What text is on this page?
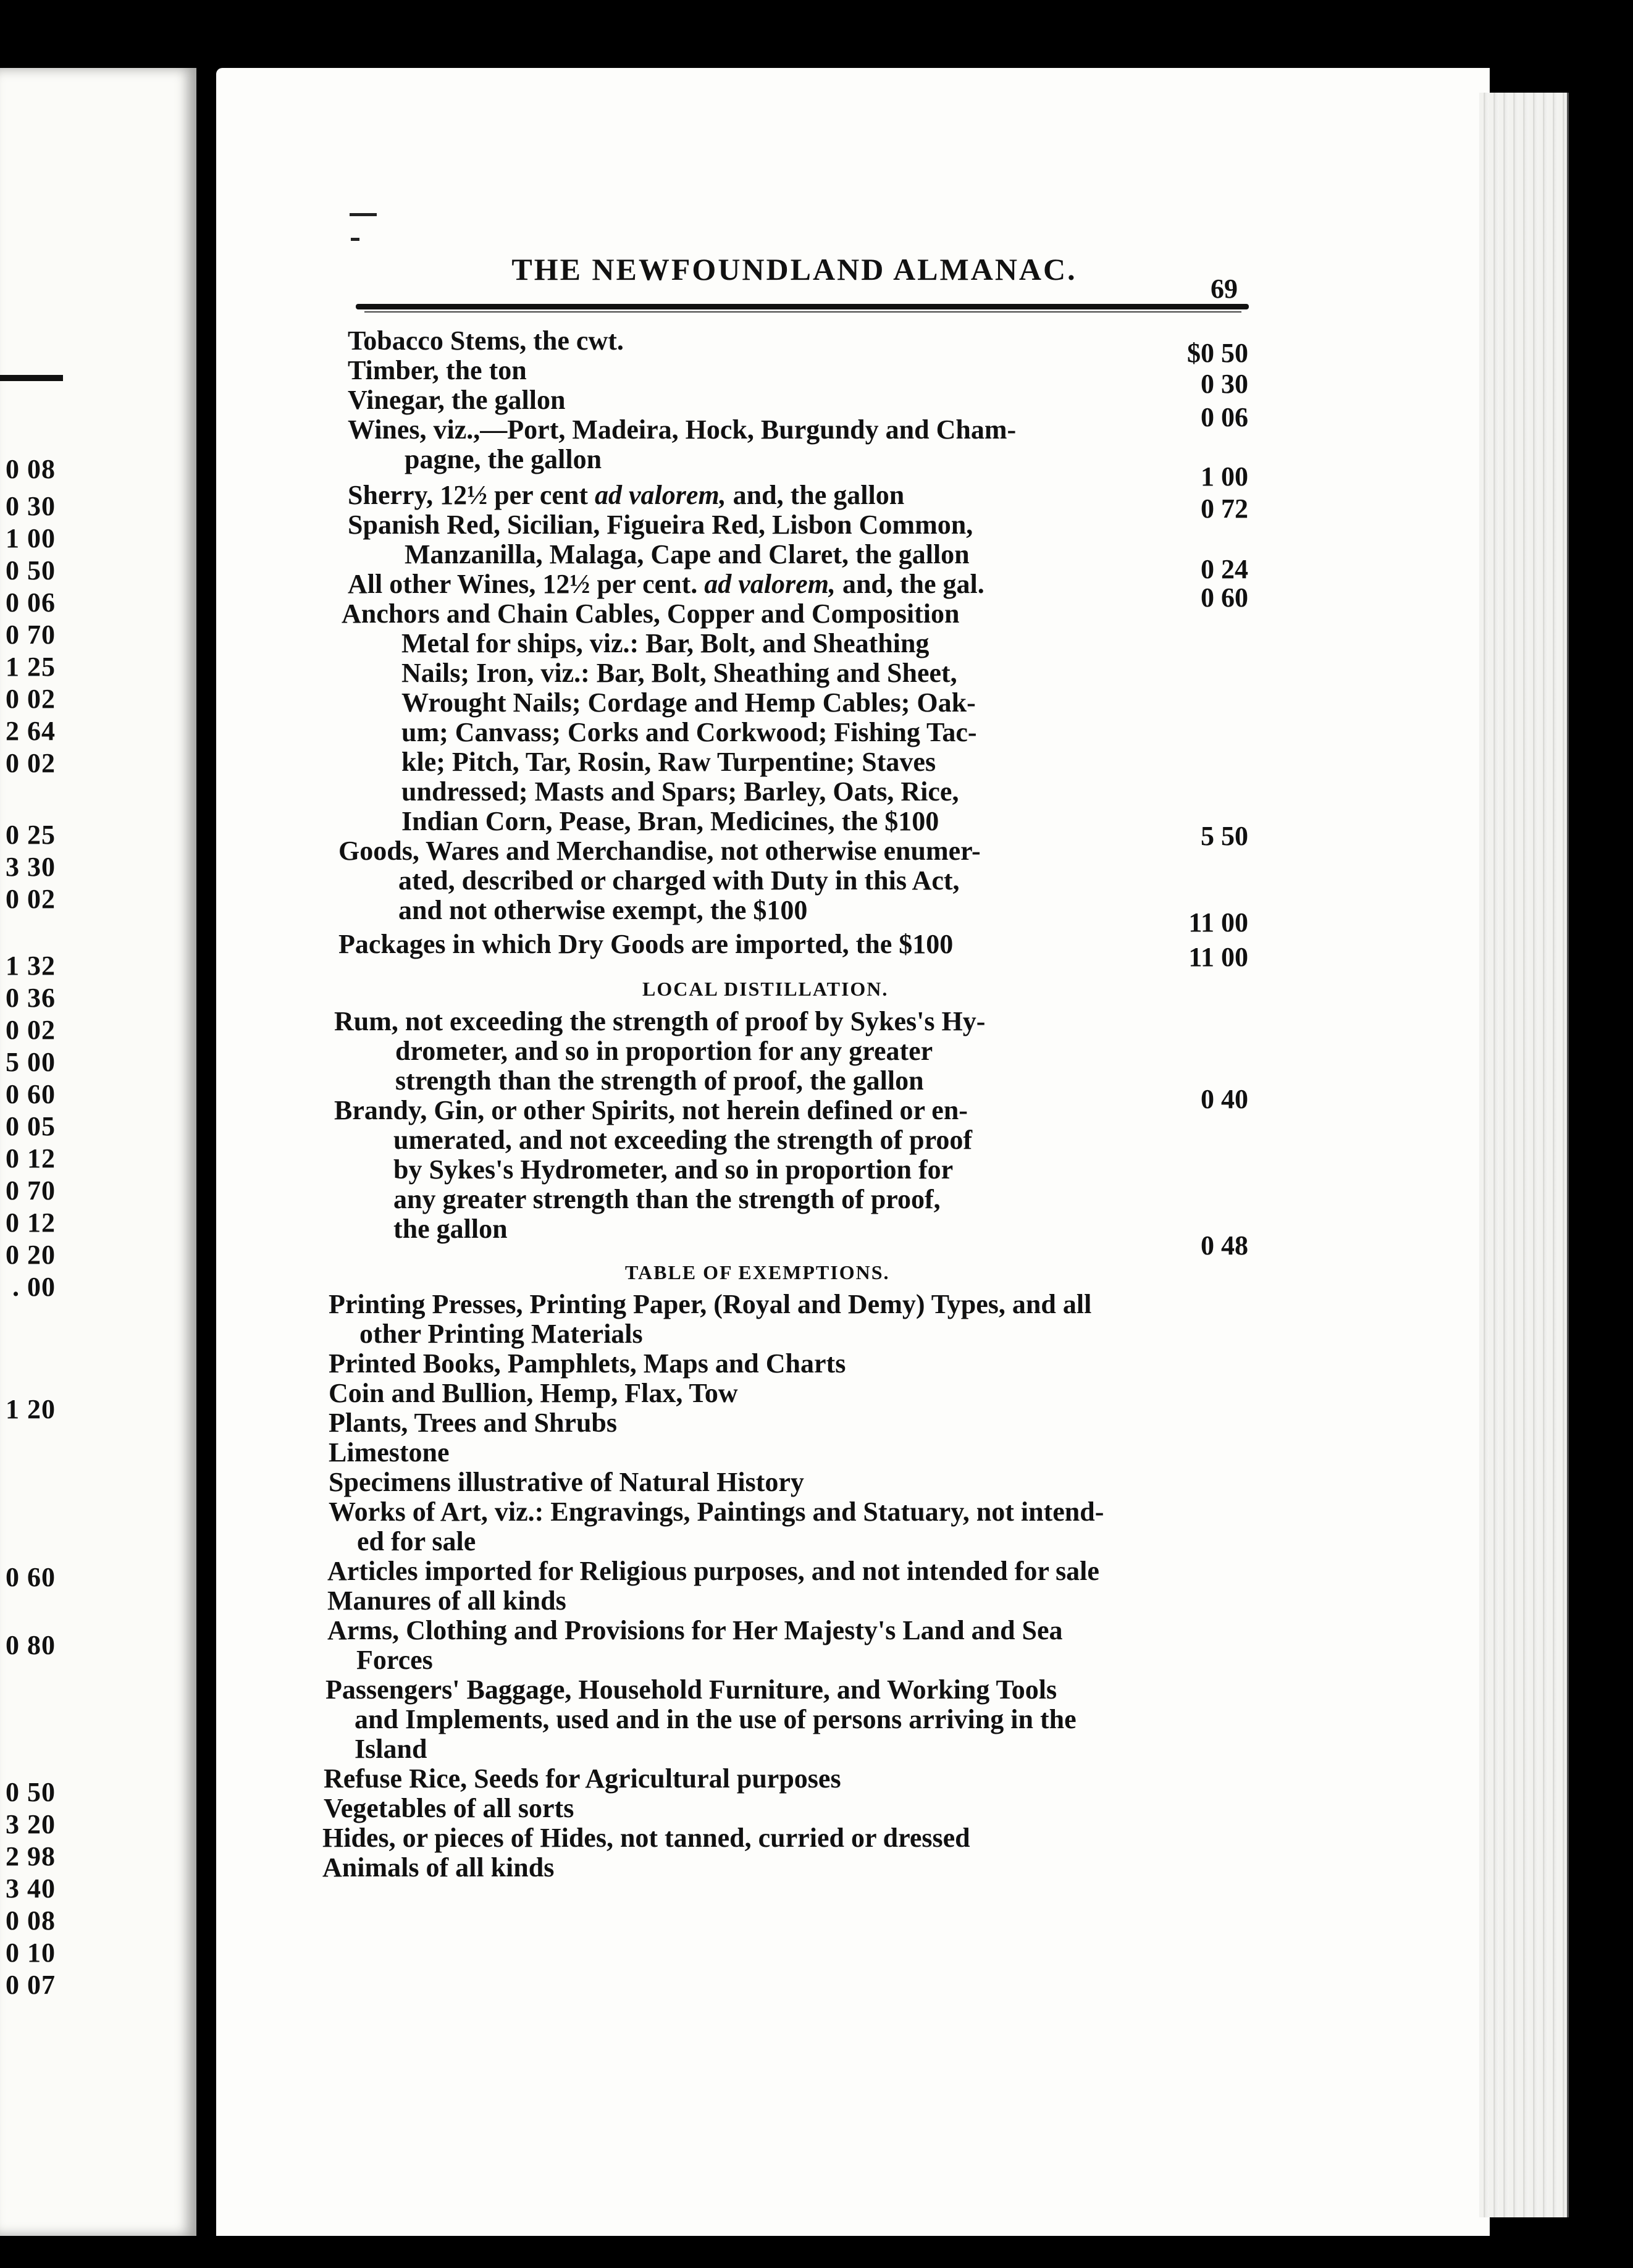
0 08
0 30
1 00
0 50
0 06
0 70
1 25
0 02
2 64
0 02
0 25
3 30
0 02
1 32
0 36
0 02
5 00
0 60
0 05
0 12
0 70
0 12
0 20
. 00
1 20
0 60
0 80
0 50
3 20
2 98
3 40
0 08
0 10
0 07
THE NEWFOUNDLAND ALMANAC.
69
Tobacco Stems, the cwt.
Timber, the ton
Vinegar, the gallon
Wines, viz.,—Port, Madeira, Hock, Burgundy and Cham-
pagne, the gallon
Sherry, 12½ per cent ad valorem, and, the gallon
Spanish Red, Sicilian, Figueira Red, Lisbon Common,
Manzanilla, Malaga, Cape and Claret, the gallon
All other Wines, 12½ per cent. ad valorem, and, the gal.
Anchors and Chain Cables, Copper and Composition
Metal for ships, viz.: Bar, Bolt, and Sheathing
Nails; Iron, viz.: Bar, Bolt, Sheathing and Sheet,
Wrought Nails; Cordage and Hemp Cables; Oak-
um; Canvass; Corks and Corkwood; Fishing Tac-
kle; Pitch, Tar, Rosin, Raw Turpentine; Staves
undressed; Masts and Spars; Barley, Oats, Rice,
Indian Corn, Pease, Bran, Medicines, the $100
Goods, Wares and Merchandise, not otherwise enumer-
ated, described or charged with Duty in this Act,
and not otherwise exempt, the $100
Packages in which Dry Goods are imported, the $100
$0 50
0 30
0 06
1 00
0 72
0 24
0 60
5 50
11 00
11 00
LOCAL DISTILLATION.
Rum, not exceeding the strength of proof by Sykes's Hy-
drometer, and so in proportion for any greater
strength than the strength of proof, the gallon
Brandy, Gin, or other Spirits, not herein defined or en-
umerated, and not exceeding the strength of proof
by Sykes's Hydrometer, and so in proportion for
any greater strength than the strength of proof,
the gallon
0 40
0 48
TABLE OF EXEMPTIONS.
Printing Presses, Printing Paper, (Royal and Demy) Types, and all
other Printing Materials
Printed Books, Pamphlets, Maps and Charts
Coin and Bullion, Hemp, Flax, Tow
Plants, Trees and Shrubs
Limestone
Specimens illustrative of Natural History
Works of Art, viz.: Engravings, Paintings and Statuary, not intend-
ed for sale
Articles imported for Religious purposes, and not intended for sale
Manures of all kinds
Arms, Clothing and Provisions for Her Majesty's Land and Sea
Forces
Passengers' Baggage, Household Furniture, and Working Tools
and Implements, used and in the use of persons arriving in the
Island
Refuse Rice, Seeds for Agricultural purposes
Vegetables of all sorts
Hides, or pieces of Hides, not tanned, curried or dressed
Animals of all kinds
